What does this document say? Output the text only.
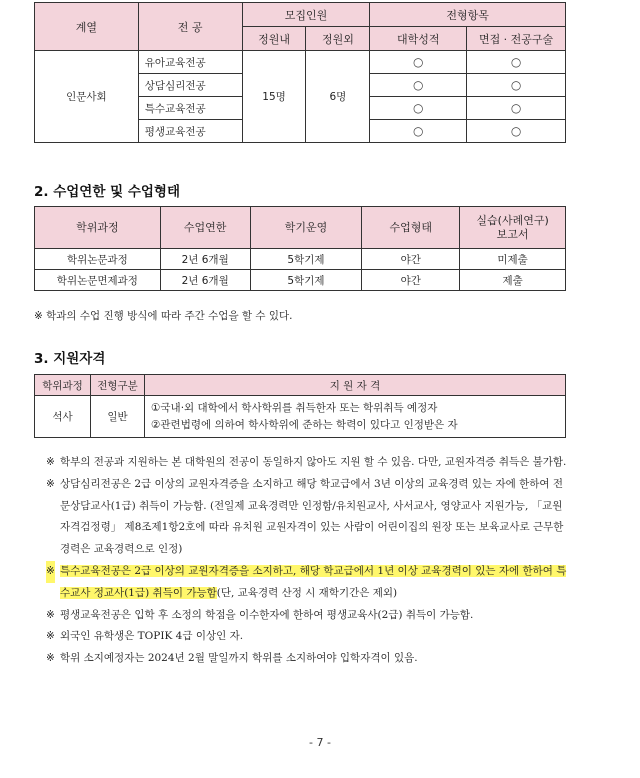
계열	전 공	모집인원		전형항목	
		정원내	정원외	대학성적	면접 · 전공구술
인문사회	유아교육전공	15명	6명	○	○
	상담심리전공			○	○
	특수교육전공			○	○
	평생교육전공			○	○
2. 수업연한 및 수업형태
학위과정	수업연한	학기운영	수업형태	실습(사례연구)
보고서
학위논문과정	2년 6개월	5학기제	야간	미제출
학위논문면제과정	2년 6개월	5학기제	야간	제출
※ 학과의 수업 진행 방식에 따라 주간 수업을 할 수 있다.
3. 지원자격
학위과정	전형구분	지 원 자 격
석사	일반	①국내·외 대학에서 학사학위를 취득한자 또는 학위취득 예정자
②관련법령에 의하여 학사학위에 준하는 학력이 있다고 인정받은 자
※ 학부의 전공과 지원하는 본 대학원의 전공이 동일하지 않아도 지원 할 수 있음. 다만, 교원자격증 취득은 불가함.
※ 상담심리전공은 2급 이상의 교원자격증을 소지하고 해당 학교급에서 3년 이상의 교육경력 있는 자에 한하여 전문상담교사(1급) 취득이 가능함. (전일제 교육경력만 인정함/유치원교사, 사서교사, 영양교사 지원가능, 「교원자격검정령」 제8조제1항2호에 따라 유치원 교원자격이 있는 사람이 어린이집의 원장 또는 보육교사로 근무한 경력은 교육경력으로 인정)
※ 특수교육전공은 2급 이상의 교원자격증을 소지하고, 해당 학교급에서 1년 이상 교육경력이 있는 자에 한하여 특수교사 정교사(1급) 취득이 가능함(단, 교육경력 산정 시 재학기간은 제외)
※ 평생교육전공은 입학 후 소정의 학점을 이수한자에 한하여 평생교육사(2급) 취득이 가능함.
※ 외국인 유학생은 TOPIK 4급 이상인 자.
※ 학위 소지예정자는 2024년 2월 말일까지 학위를 소지하여야 입학자격이 있음.
- 7 -
